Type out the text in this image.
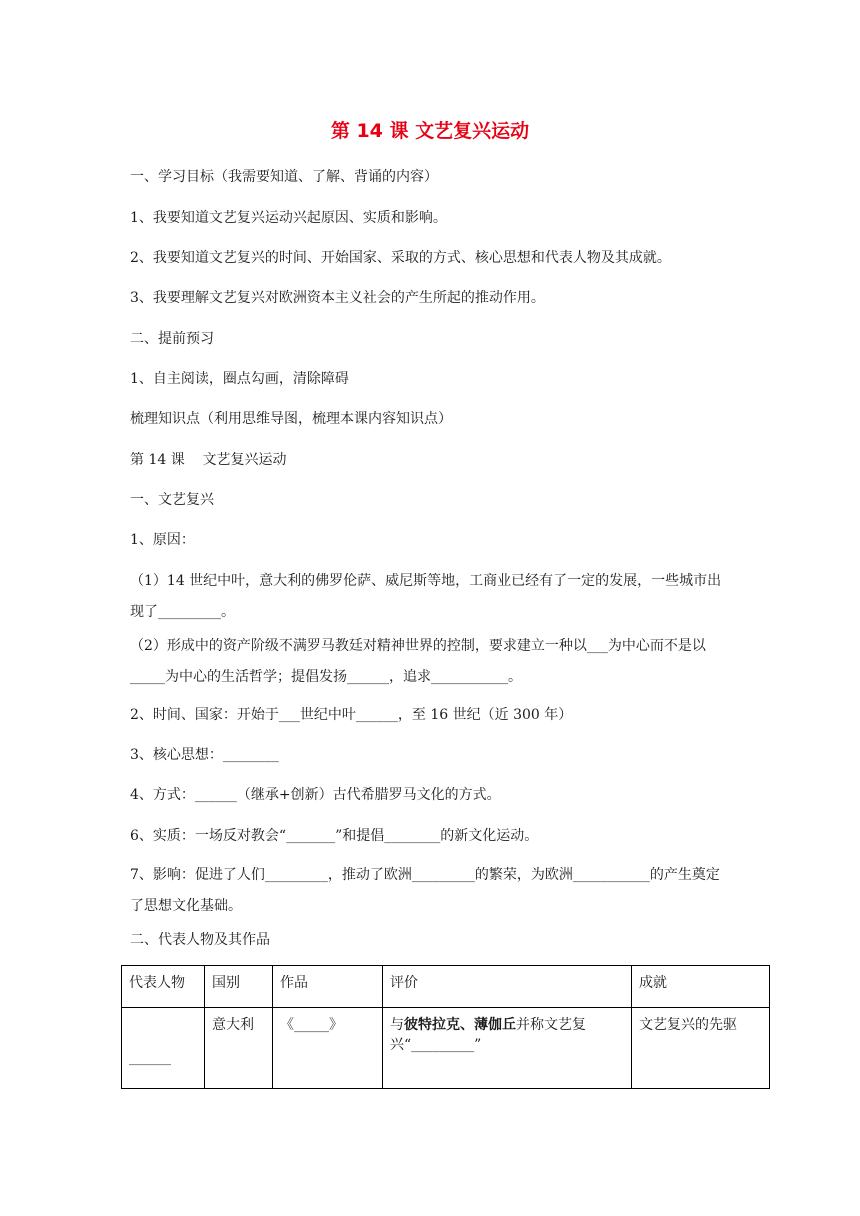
第 14 课 文艺复兴运动
一、学习目标（我需要知道、了解、背诵的内容）
1、我要知道文艺复兴运动兴起原因、实质和影响。
2、我要知道文艺复兴的时间、开始国家、采取的方式、核心思想和代表人物及其成就。
3、我要理解文艺复兴对欧洲资本主义社会的产生所起的推动作用。
二、提前预习
1、自主阅读，圈点勾画，清除障碍
梳理知识点（利用思维导图，梳理本课内容知识点）
第 14 课    文艺复兴运动
一、文艺复兴
1、原因：
（1）14 世纪中叶，意大利的佛罗伦萨、威尼斯等地，工商业已经有了一定的发展，一些城市出现了_________。
（2）形成中的资产阶级不满罗马教廷对精神世界的控制，要求建立一种以___为中心而不是以_____为中心的生活哲学；提倡发扬______，追求___________。
2、时间、国家：开始于___世纪中叶______，至 16 世纪（近 300 年）
3、核心思想：________
4、方式：______（继承+创新）古代希腊罗马文化的方式。
6、实质：一场反对教会“_______”和提倡________的新文化运动。
7、影响：促进了人们_________，推动了欧洲_________的繁荣，为欧洲___________的产生奠定了思想文化基础。
二、代表人物及其作品
代表人物	国别	作品	评价	成就

______	意大利	《_____》	与彼特拉克、薄伽丘并称文艺复兴“_________”	文艺复兴的先驱
